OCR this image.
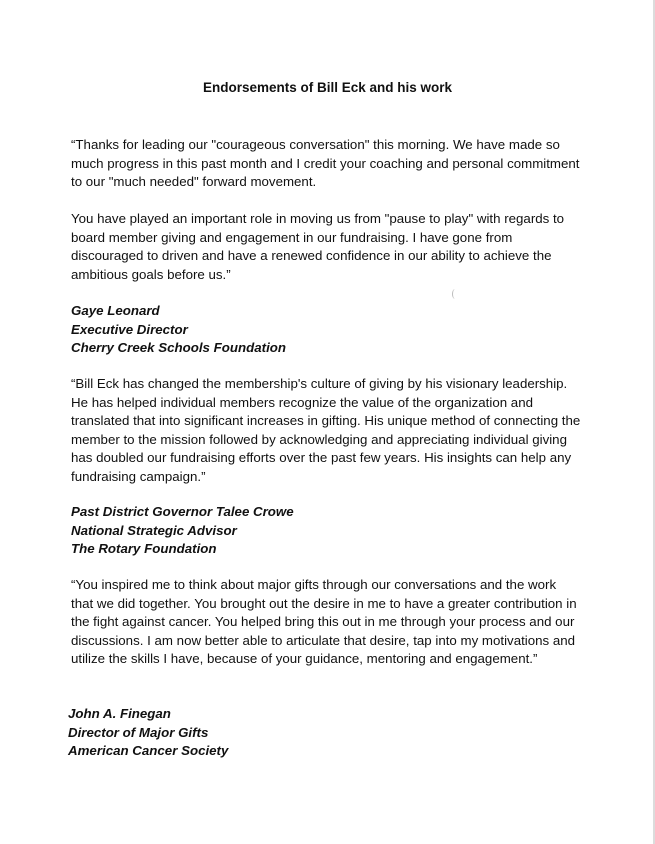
Endorsements of Bill Eck and his work

“Thanks for leading our "courageous conversation" this morning. We have made so much progress in this past month and I credit your coaching and personal commitment to our "much needed" forward movement.

You have played an important role in moving us from "pause to play" with regards to board member giving and engagement in our fundraising. I have gone from discouraged to driven and have a renewed confidence in our ability to achieve the ambitious goals before us.”

Gaye Leonard
Executive Director
Cherry Creek Schools Foundation

“Bill Eck has changed the membership's culture of giving by his visionary leadership. He has helped individual members recognize the value of the organization and translated that into significant increases in gifting. His unique method of connecting the member to the mission followed by acknowledging and appreciating individual giving has doubled our fundraising efforts over the past few years. His insights can help any fundraising campaign.”

Past District Governor Talee Crowe
National Strategic Advisor
The Rotary Foundation

“You inspired me to think about major gifts through our conversations and the work that we did together. You brought out the desire in me to have a greater contribution in the fight against cancer. You helped bring this out in me through your process and our discussions. I am now better able to articulate that desire, tap into my motivations and utilize the skills I have, because of your guidance, mentoring and engagement.”

John A. Finegan
Director of Major Gifts
American Cancer Society
